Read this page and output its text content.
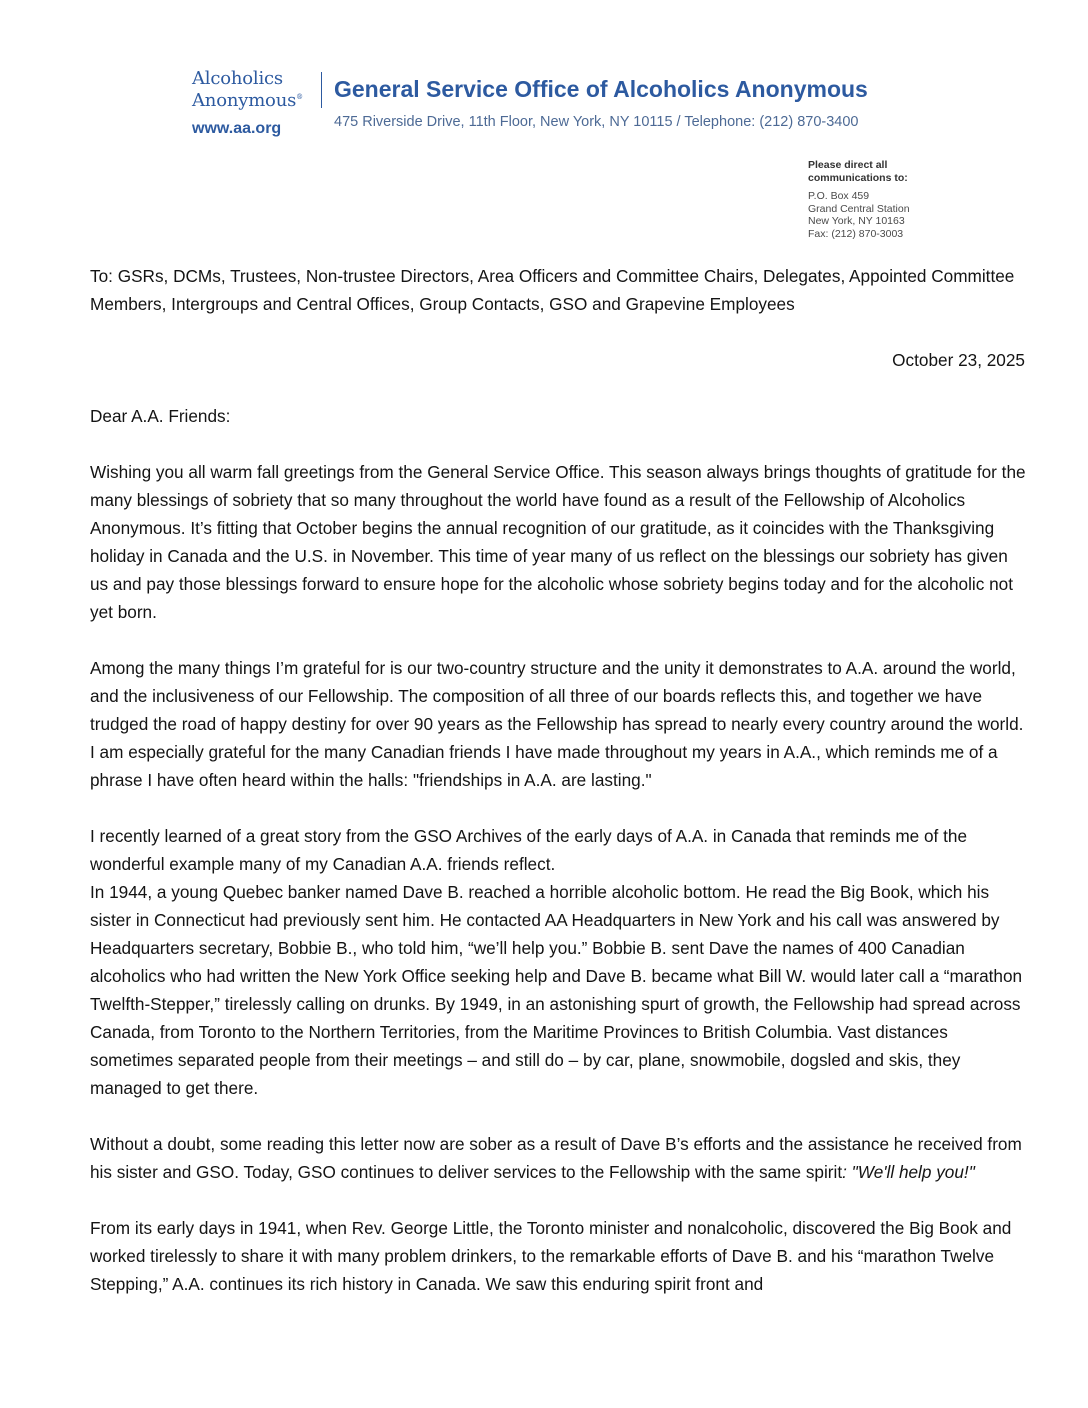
Alcoholics
Anonymous®
www.aa.org
General Service Office of Alcoholics Anonymous
475 Riverside Drive, 11th Floor, New York, NY 10115 / Telephone: (212) 870-3400
Please direct all
communications to:
P.O. Box 459
Grand Central Station
New York, NY 10163
Fax: (212) 870-3003

To: GSRs, DCMs, Trustees, Non-trustee Directors, Area Officers and Committee Chairs, Delegates, Appointed Committee Members, Intergroups and Central Offices, Group Contacts, GSO and Grapevine Employees

October 23, 2025

Dear A.A. Friends:

Wishing you all warm fall greetings from the General Service Office. This season always brings thoughts of gratitude for the many blessings of sobriety that so many throughout the world have found as a result of the Fellowship of Alcoholics Anonymous. It’s fitting that October begins the annual recognition of our gratitude, as it coincides with the Thanksgiving holiday in Canada and the U.S. in November. This time of year many of us reflect on the blessings our sobriety has given us and pay those blessings forward to ensure hope for the alcoholic whose sobriety begins today and for the alcoholic not yet born.

Among the many things I’m grateful for is our two-country structure and the unity it demonstrates to A.A. around the world, and the inclusiveness of our Fellowship. The composition of all three of our boards reflects this, and together we have trudged the road of happy destiny for over 90 years as the Fellowship has spread to nearly every country around the world. I am especially grateful for the many Canadian friends I have made throughout my years in A.A., which reminds me of a phrase I have often heard within the halls: "friendships in A.A. are lasting."

I recently learned of a great story from the GSO Archives of the early days of A.A. in Canada that reminds me of the wonderful example many of my Canadian A.A. friends reflect.

In 1944, a young Quebec banker named Dave B. reached a horrible alcoholic bottom. He read the Big Book, which his sister in Connecticut had previously sent him. He contacted AA Headquarters in New York and his call was answered by Headquarters secretary, Bobbie B., who told him, “we’ll help you.” Bobbie B. sent Dave the names of 400 Canadian alcoholics who had written the New York Office seeking help and Dave B. became what Bill W. would later call a “marathon Twelfth-Stepper,” tirelessly calling on drunks. By 1949, in an astonishing spurt of growth, the Fellowship had spread across Canada, from Toronto to the Northern Territories, from the Maritime Provinces to British Columbia. Vast distances sometimes separated people from their meetings – and still do – by car, plane, snowmobile, dogsled and skis, they managed to get there.

Without a doubt, some reading this letter now are sober as a result of Dave B’s efforts and the assistance he received from his sister and GSO. Today, GSO continues to deliver services to the Fellowship with the same spirit: "We'll help you!"

From its early days in 1941, when Rev. George Little, the Toronto minister and nonalcoholic, discovered the Big Book and worked tirelessly to share it with many problem drinkers, to the remarkable efforts of Dave B. and his “marathon Twelve Stepping,” A.A. continues its rich history in Canada. We saw this enduring spirit front and
